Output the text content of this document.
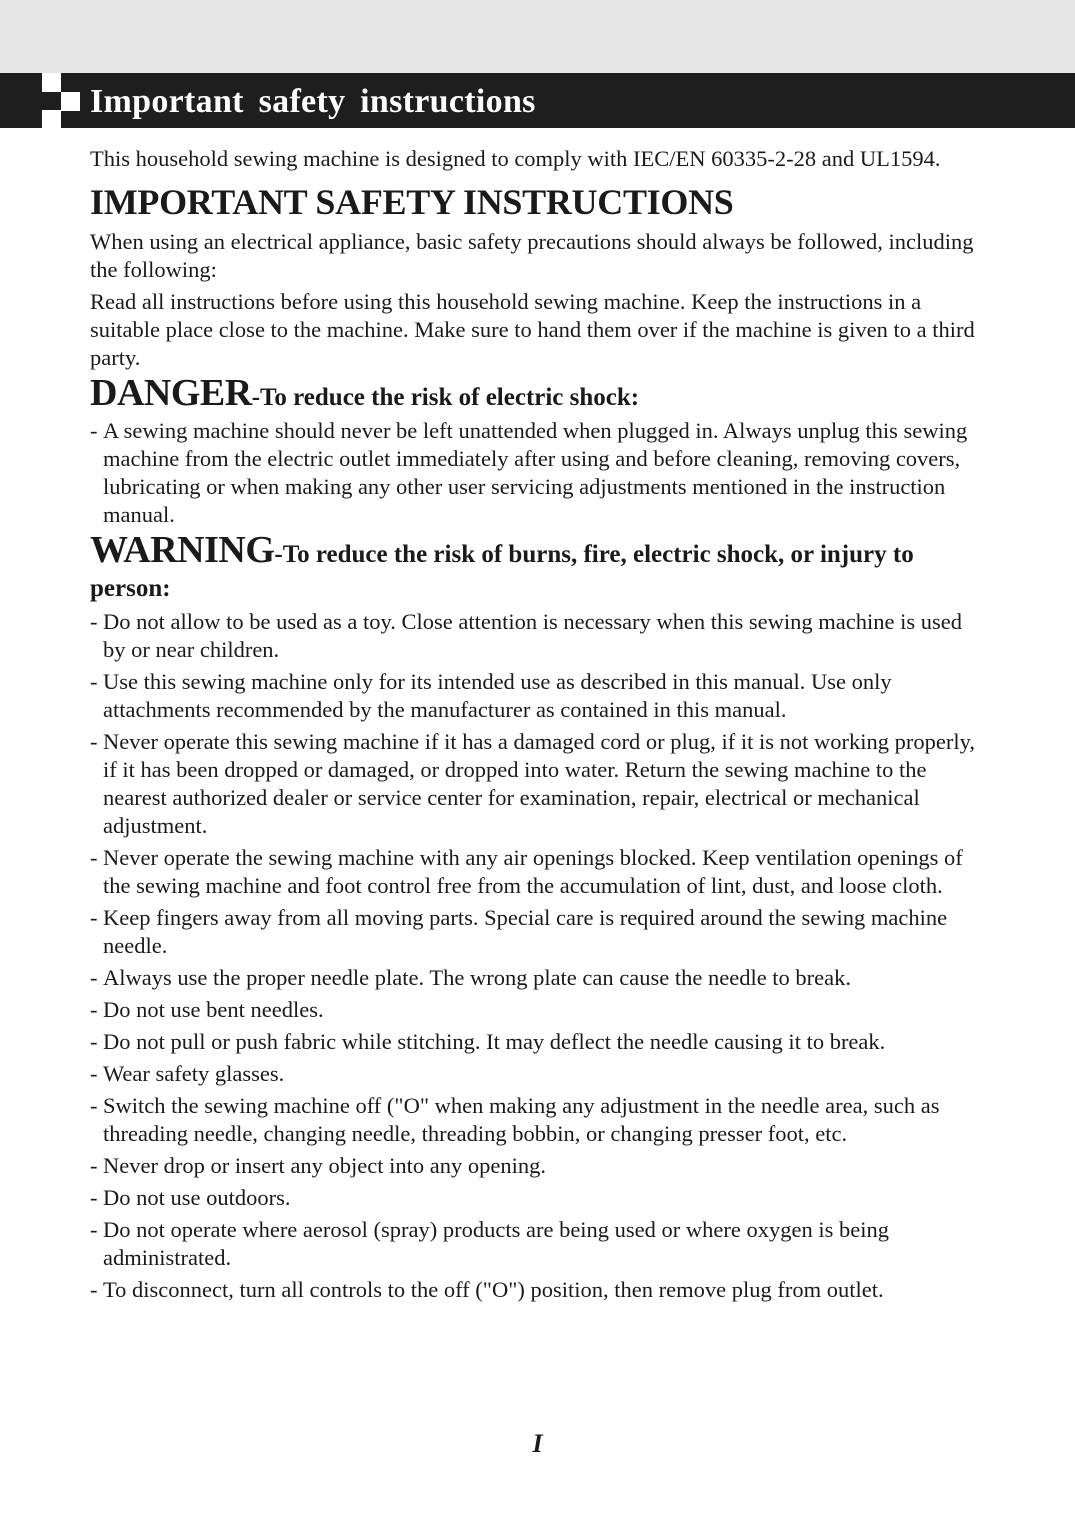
Important safety instructions

This household sewing machine is designed to comply with IEC/EN 60335-2-28 and UL1594.

IMPORTANT SAFETY INSTRUCTIONS

When using an electrical appliance, basic safety precautions should always be followed, including the following:

Read all instructions before using this household sewing machine. Keep the instructions in a suitable place close to the machine. Make sure to hand them over if the machine is given to a third party.

DANGER-To reduce the risk of electric shock:
- A sewing machine should never be left unattended when plugged in. Always unplug this sewing machine from the electric outlet immediately after using and before cleaning, removing covers, lubricating or when making any other user servicing adjustments mentioned in the instruction manual.
WARNING-To reduce the risk of burns, fire, electric shock, or injury to person:
- Do not allow to be used as a toy. Close attention is necessary when this sewing machine is used by or near children.
- Use this sewing machine only for its intended use as described in this manual. Use only attachments recommended by the manufacturer as contained in this manual.
- Never operate this sewing machine if it has a damaged cord or plug, if it is not working properly, if it has been dropped or damaged, or dropped into water. Return the sewing machine to the nearest authorized dealer or service center for examination, repair, electrical or mechanical adjustment.
- Never operate the sewing machine with any air openings blocked. Keep ventilation openings of the sewing machine and foot control free from the accumulation of lint, dust, and loose cloth.
- Keep fingers away from all moving parts. Special care is required around the sewing machine needle.
- Always use the proper needle plate. The wrong plate can cause the needle to break.
- Do not use bent needles.
- Do not pull or push fabric while stitching. It may deflect the needle causing it to break.
- Wear safety glasses.
- Switch the sewing machine off ("O" when making any adjustment in the needle area, such as threading needle, changing needle, threading bobbin, or changing presser foot, etc.
- Never drop or insert any object into any opening.
- Do not use outdoors.
- Do not operate where aerosol (spray) products are being used or where oxygen is being administrated.
- To disconnect, turn all controls to the off ("O") position, then remove plug from outlet.
I
